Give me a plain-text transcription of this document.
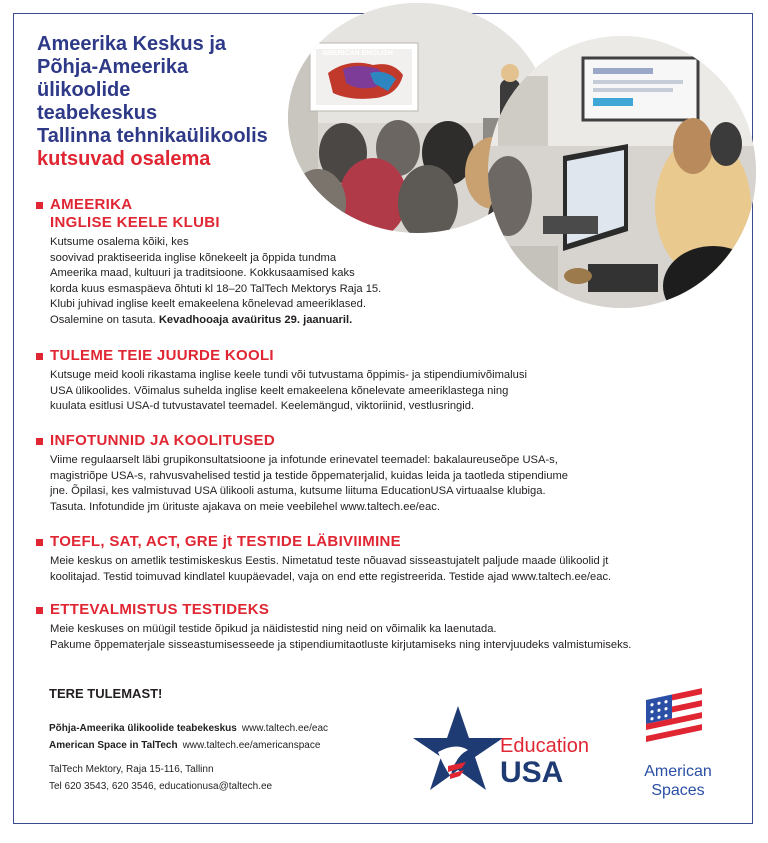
Ameerika Keskus ja
Põhja-Ameerika
ülikoolide
teabekeskus
Tallinna tehnikaülikoolis
kutsuvad osalema
AMERICAN ENGLISH
AMEERIKA
INGLISE KEELE KLUBI
Kutsume osalema kõiki, kes
soovivad praktiseerida inglise kõnekeelt ja õppida tundma
Ameerika maad, kultuuri ja traditsioone. Kokkusaamised kaks
korda kuus esmaspäeva õhtuti kl 18–20 TalTech Mektorys Raja 15.
Klubi juhivad inglise keelt emakeelena kõnelevad ameeriklased.
Osalemine on tasuta. Kevadhooaja avaüritus 29. jaanuaril.
TULEME TEIE JUURDE KOOLI
Kutsuge meid kooli rikastama inglise keele tundi või tutvustama õppimis- ja stipendiumivõimalusi
USA ülikoolides. Võimalus suhelda inglise keelt emakeelena kõnelevate ameeriklastega ning
kuulata esitlusi USA-d tutvustavatel teemadel. Keelemängud, viktoriinid, vestlusringid.
INFOTUNNID JA KOOLITUSED
Viime regulaarselt läbi grupikonsultatsioone ja infotunde erinevatel teemadel: bakalaureuseõpe USA-s,
magistriõpe USA-s, rahvusvahelised testid ja testide õppematerjalid, kuidas leida ja taotleda stipendiume
jne. Õpilasi, kes valmistuvad USA ülikooli astuma, kutsume liituma EducationUSA virtuaalse klubiga.
Tasuta. Infotundide jm ürituste ajakava on meie veebilehel www.taltech.ee/eac.
TOEFL, SAT, ACT, GRE jt TESTIDE LÄBIVIIMINE
Meie keskus on ametlik testimiskeskus Eestis. Nimetatud teste nõuavad sisseastujatelt paljude maade ülikoolid jt
koolitajad. Testid toimuvad kindlatel kuupäevadel, vaja on end ette registreerida. Testide ajad www.taltech.ee/eac.
ETTEVALMISTUS TESTIDEKS
Meie keskuses on müügil testide õpikud ja näidistestid ning neid on võimalik ka laenutada.
Pakume õppematerjale sisseastumisesseede ja stipendiumitaotluste kirjutamiseks ning intervjuudeks valmistumiseks.
TERE TULEMAST!
Põhja-Ameerika ülikoolide teabekeskus www.taltech.ee/eac
American Space in TalTech www.taltech.ee/americanspace
TalTech Mektory, Raja 15-116, Tallinn
Tel 620 3543, 620 3546, educationusa@taltech.ee
Education
USA	American
Spaces
